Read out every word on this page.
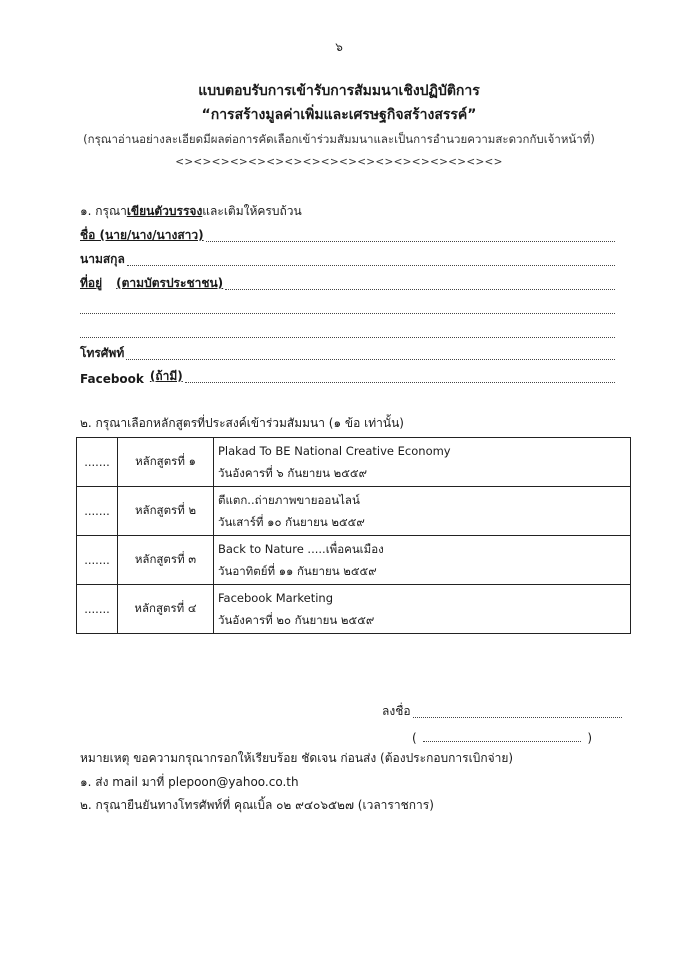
๖
แบบตอบรับการเข้ารับการสัมมนาเชิงปฏิบัติการ
“การสร้างมูลค่าเพิ่มและเศรษฐกิจสร้างสรรค์”
(กรุณาอ่านอย่างละเอียดมีผลต่อการคัดเลือกเข้าร่วมสัมมนาและเป็นการอำนวยความสะดวกกับเจ้าหน้าที่)
<><><><><><><><><><><><><><><><><><>
๑. กรุณา เขียนตัวบรรจง และเติมให้ครบถ้วน
ชื่อ (นาย/นาง/นางสาว)
นามสกุล
ที่อยู่ (ตามบัตรประชาชน)
โทรศัพท์
Facebook (ถ้ามี)
๒. กรุณาเลือกหลักสูตรที่ประสงค์เข้าร่วมสัมมนา (๑ ข้อ เท่านั้น)
.......	หลักสูตรที่ ๑	Plakad To BE National Creative Economy
วันอังคารที่ ๖ กันยายน ๒๕๕๙

.......	หลักสูตรที่ ๒	ตีแตก..ถ่ายภาพขายออนไลน์
วันเสาร์ที่ ๑๐ กันยายน ๒๕๕๙

.......	หลักสูตรที่ ๓	Back to Nature .....เพื่อคนเมือง
วันอาทิตย์ที่ ๑๑ กันยายน ๒๕๕๙

.......	หลักสูตรที่ ๔	Facebook Marketing
วันอังคารที่ ๒๐ กันยายน ๒๕๕๙
ลงชื่อ
(	)
หมายเหตุ ขอความกรุณากรอกให้เรียบร้อย ชัดเจน ก่อนส่ง (ต้องประกอบการเบิกจ่าย)
๑. ส่ง mail มาที่ plepoon@yahoo.co.th
๒. กรุณายืนยันทางโทรศัพท์ที่ คุณเบิ้ล ๐๒ ๙๔๐๖๕๒๗ (เวลาราชการ)
